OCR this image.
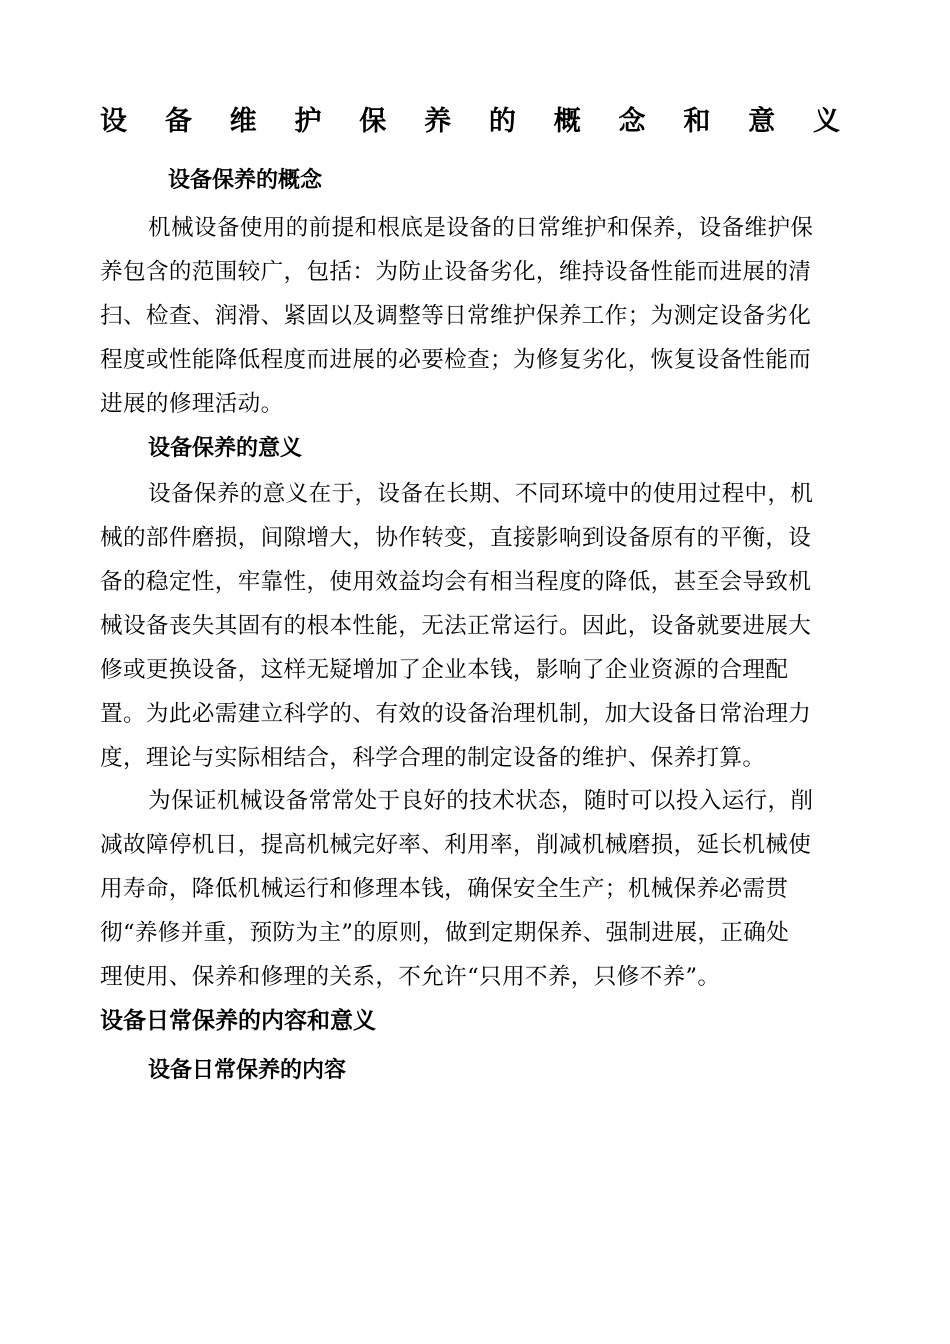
设 备 维 护 保 养 的 概 念 和 意 义
设备保养的概念
机械设备使用的前提和根底是设备的日常维护和保养，设备维护保
养包含的范围较广，包括：为防止设备劣化，维持设备性能而进展的清
扫、检查、润滑、紧固以及调整等日常维护保养工作；为测定设备劣化
程度或性能降低程度而进展的必要检查；为修复劣化，恢复设备性能而
进展的修理活动。
设备保养的意义
设备保养的意义在于，设备在长期、不同环境中的使用过程中，机
械的部件磨损，间隙增大，协作转变，直接影响到设备原有的平衡，设
备的稳定性，牢靠性，使用效益均会有相当程度的降低，甚至会导致机
械设备丧失其固有的根本性能，无法正常运行。因此，设备就要进展大
修或更换设备，这样无疑增加了企业本钱，影响了企业资源的合理配
置。为此必需建立科学的、有效的设备治理机制，加大设备日常治理力
度，理论与实际相结合，科学合理的制定设备的维护、保养打算。
为保证机械设备常常处于良好的技术状态，随时可以投入运行，削
减故障停机日，提高机械完好率、利用率，削减机械磨损，延长机械使
用寿命，降低机械运行和修理本钱，确保安全生产；机械保养必需贯
彻“养修并重，预防为主”的原则，做到定期保养、强制进展，正确处
理使用、保养和修理的关系，不允许“只用不养，只修不养”。
设备日常保养的内容和意义
设备日常保养的内容
